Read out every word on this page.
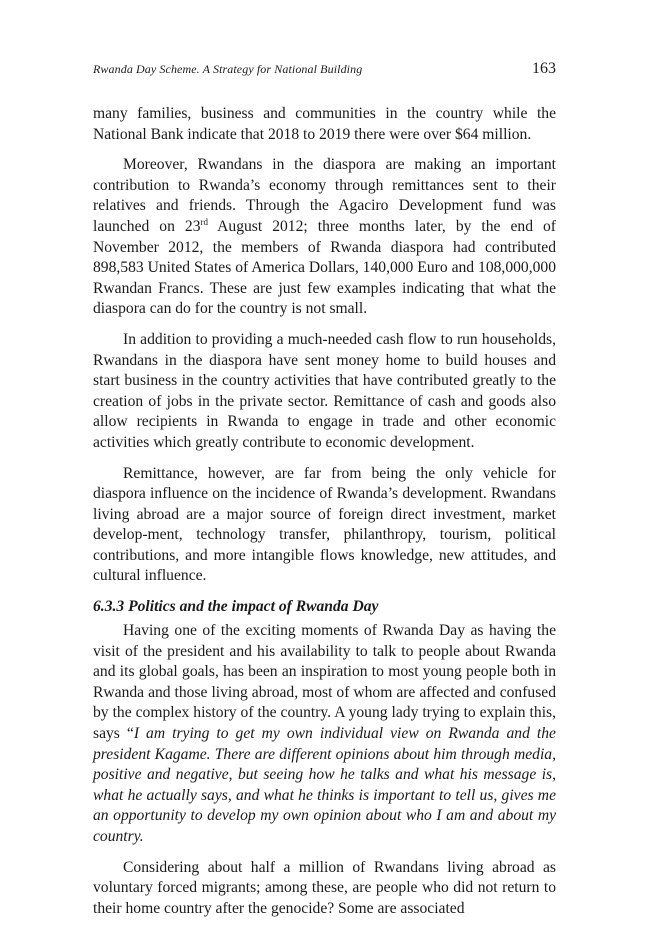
Rwanda Day Scheme. A Strategy for National Building	163

many families, business and communities in the country while the National Bank indicate that 2018 to 2019 there were over $64 million.

Moreover, Rwandans in the diaspora are making an important contribution to Rwanda’s economy through remittances sent to their relatives and friends. Through the Agaciro Development fund was launched on 23rd August 2012; three months later, by the end of November 2012, the members of Rwanda diaspora had contributed 898,583 United States of America Dollars, 140,000 Euro and 108,000,000 Rwandan Francs. These are just few examples indicating that what the diaspora can do for the country is not small.

In addition to providing a much-needed cash flow to run households, Rwandans in the diaspora have sent money home to build houses and start business in the country activities that have contributed greatly to the creation of jobs in the private sector. Remittance of cash and goods also allow recipients in Rwanda to engage in trade and other economic activities which greatly contribute to economic development.

Remittance, however, are far from being the only vehicle for diaspora influence on the incidence of Rwanda’s development. Rwandans living abroad are a major source of foreign direct investment, market develop-ment, technology transfer, philanthropy, tourism, political contributions, and more intangible flows knowledge, new attitudes, and cultural influence.

6.3.3 Politics and the impact of Rwanda Day

Having one of the exciting moments of Rwanda Day as having the visit of the president and his availability to talk to people about Rwanda and its global goals, has been an inspiration to most young people both in Rwanda and those living abroad, most of whom are affected and confused by the complex history of the country. A young lady trying to explain this, says “I am trying to get my own individual view on Rwanda and the president Kagame. There are different opinions about him through media, positive and negative, but seeing how he talks and what his message is, what he actually says, and what he thinks is important to tell us, gives me an opportunity to develop my own opinion about who I am and about my country.

Considering about half a million of Rwandans living abroad as voluntary forced migrants; among these, are people who did not return to their home country after the genocide? Some are associated
